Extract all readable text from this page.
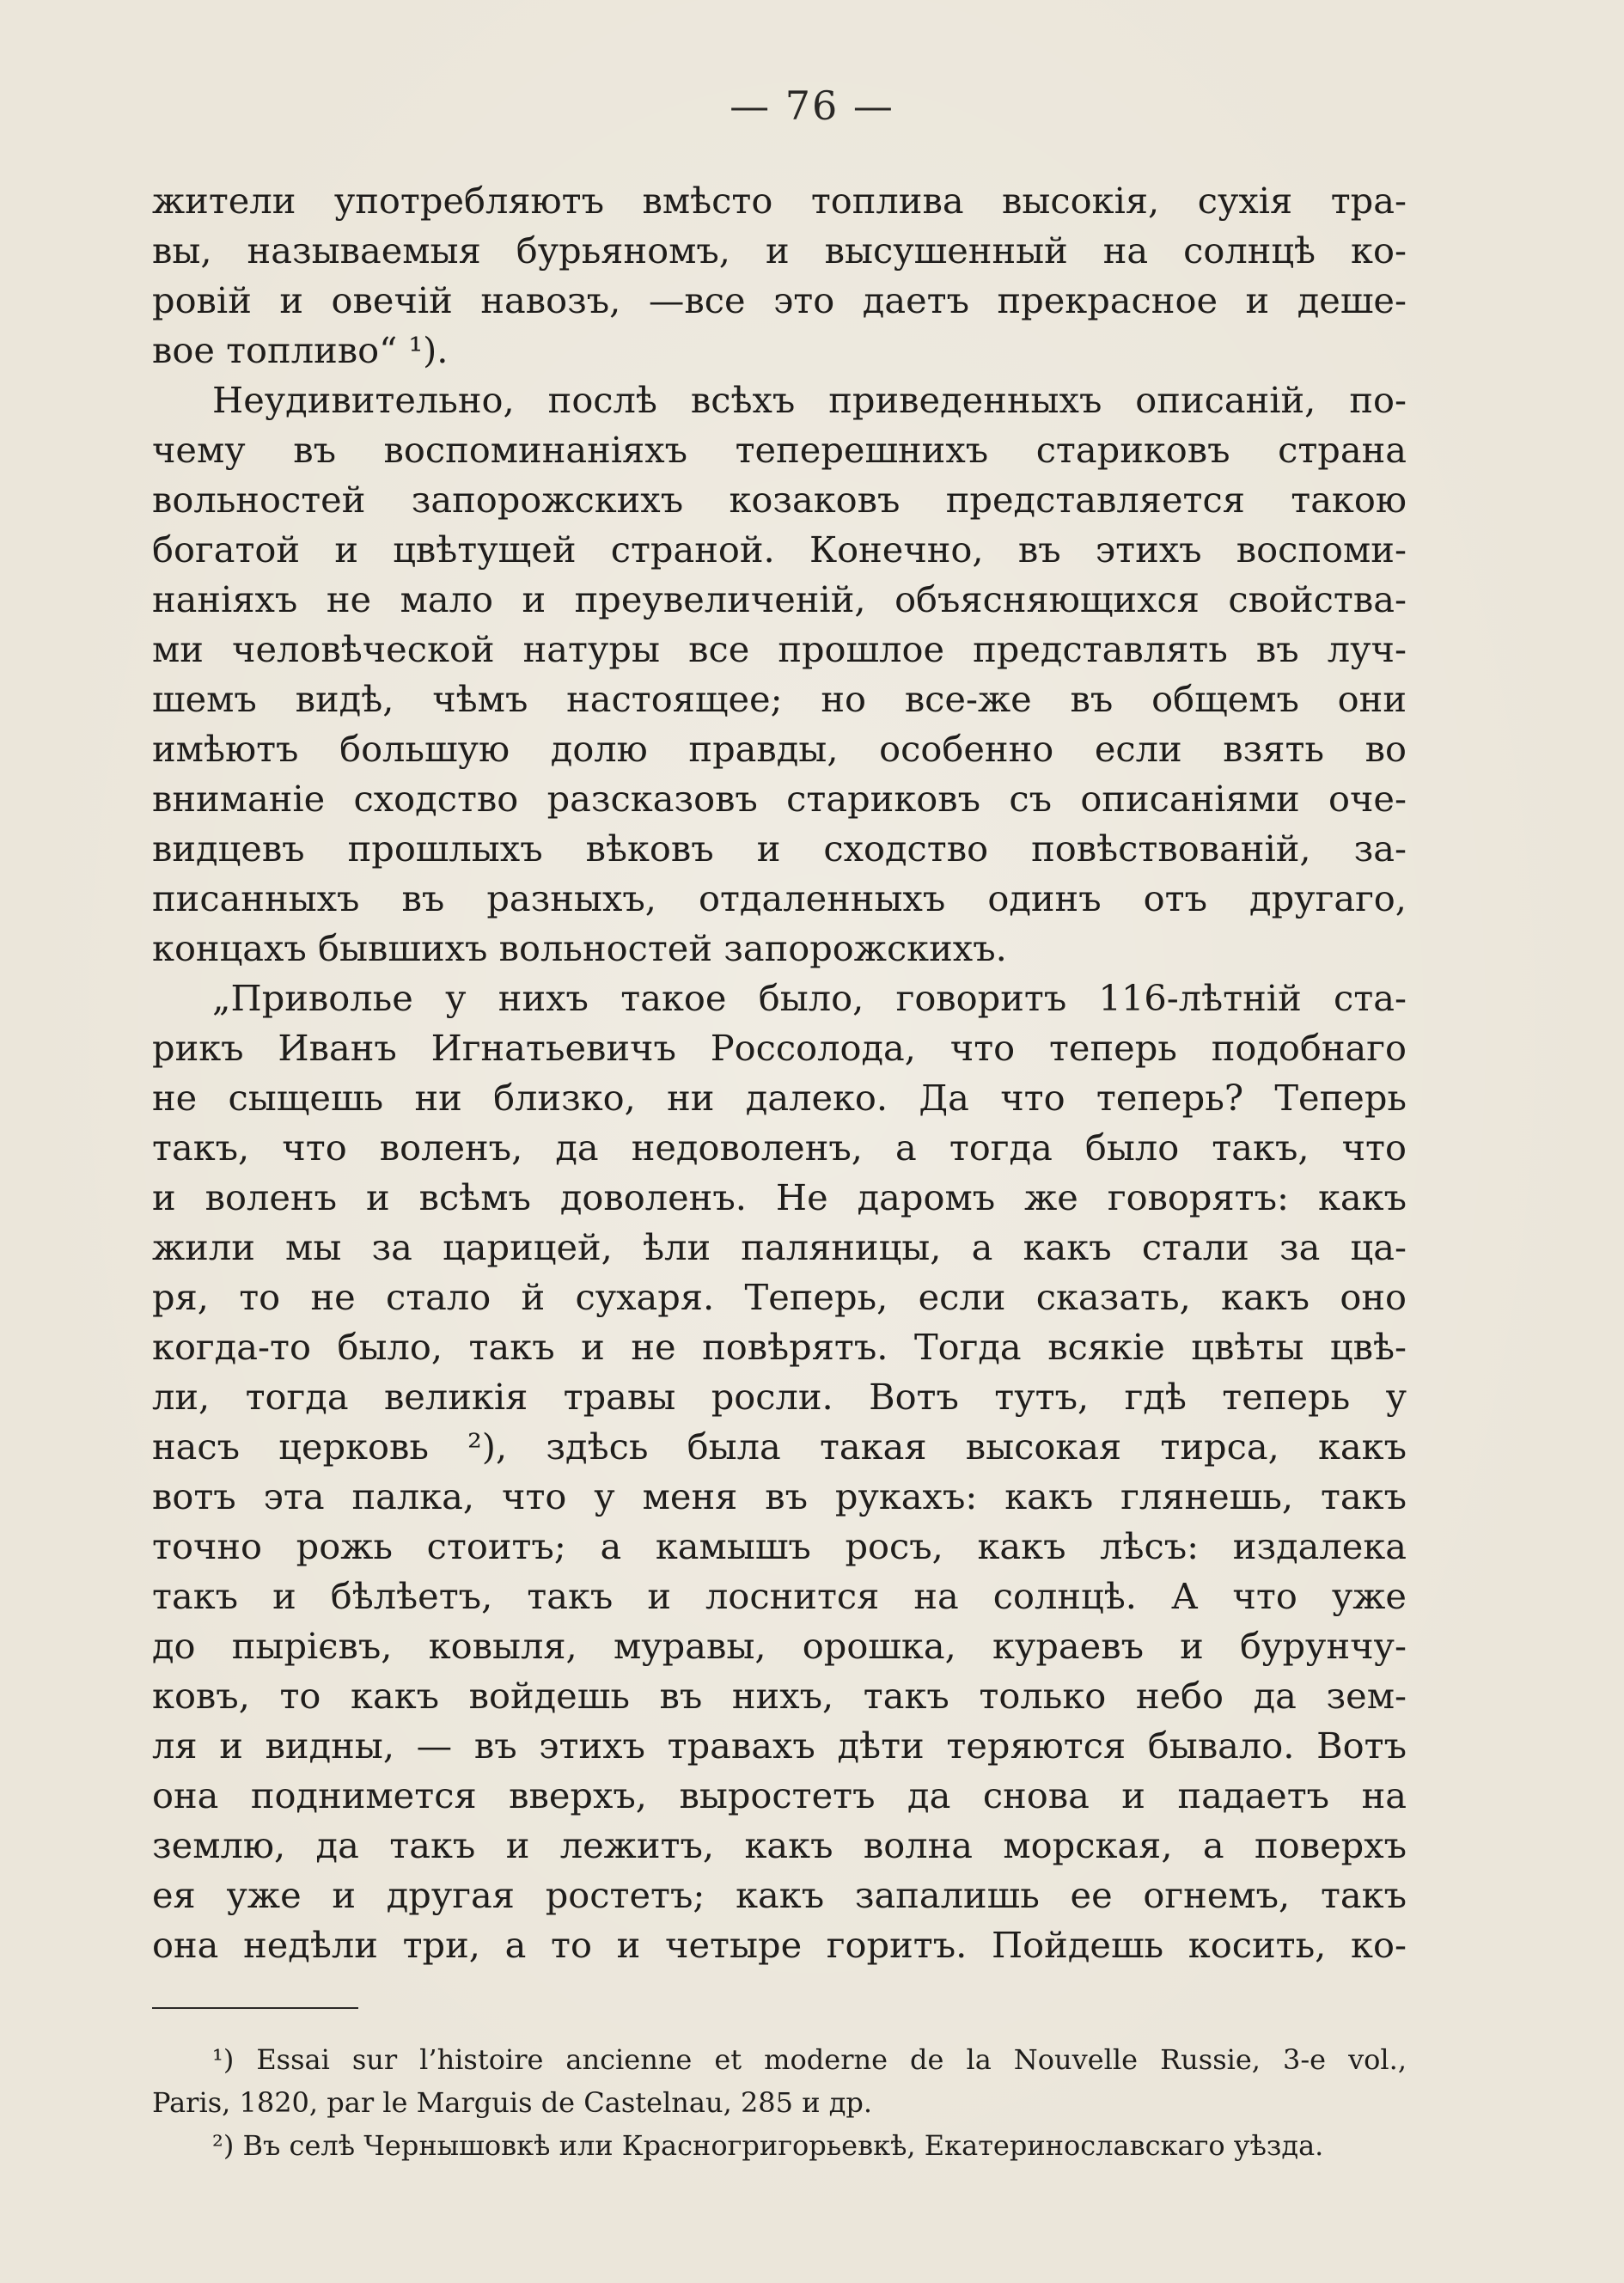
— 76 —
жители употребляютъ вмѣсто топлива высокія, сухія тра-
вы, называемыя бурьяномъ, и высушенный на солнцѣ ко-
ровій и овечій навозъ, —все это даетъ прекрасное и деше-
вое топливо“ ¹).
Неудивительно, послѣ всѣхъ приведенныхъ описаній, по-
чему въ воспоминаніяхъ теперешнихъ стариковъ страна
вольностей запорожскихъ козаковъ представляется такою
богатой и цвѣтущей страной. Конечно, въ этихъ воспоми-
наніяхъ не мало и преувеличеній, объясняющихся свойства-
ми человѣческой натуры все прошлое представлять въ луч-
шемъ видѣ, чѣмъ настоящее; но все-же въ общемъ они
имѣютъ большую долю правды, особенно если взять во
вниманіе сходство разсказовъ стариковъ съ описаніями оче-
видцевъ прошлыхъ вѣковъ и сходство повѣствованій, за-
писанныхъ въ разныхъ, отдаленныхъ одинъ отъ другаго,
концахъ бывшихъ вольностей запорожскихъ.
„Приволье у нихъ такое было, говоритъ 116-лѣтній ста-
рикъ Иванъ Игнатьевичъ Россолода, что теперь подобнаго
не сыщешь ни близко, ни далеко. Да что теперь? Теперь
такъ, что воленъ, да недоволенъ, а тогда было такъ, что
и воленъ и всѣмъ доволенъ. Не даромъ же говорятъ: какъ
жили мы за царицей, ѣли паляницы, а какъ стали за ца-
ря, то не стало й сухаря. Теперь, если сказать, какъ оно
когда-то было, такъ и не повѣрятъ. Тогда всякіе цвѣты цвѣ-
ли, тогда великія травы росли. Вотъ тутъ, гдѣ теперь у
насъ церковь ²), здѣсь была такая высокая тирса, какъ
вотъ эта палка, что у меня въ рукахъ: какъ глянешь, такъ
точно рожь стоитъ; а камышъ росъ, какъ лѣсъ: издалека
такъ и бѣлѣетъ, такъ и лоснится на солнцѣ. А что уже
до пырієвъ, ковыля, муравы, орошка, кураевъ и бурунчу-
ковъ, то какъ войдешь въ нихъ, такъ только небо да зем-
ля и видны, — въ этихъ травахъ дѣти теряются бывало. Вотъ
она поднимется вверхъ, выростетъ да снова и падаетъ на
землю, да такъ и лежитъ, какъ волна морская, а поверхъ
ея уже и другая ростетъ; какъ запалишь ее огнемъ, такъ
она недѣли три, а то и четыре горитъ. Пойдешь косить, ко-
¹) Essai sur l’histoire ancienne et moderne de la Nouvelle Russie, 3-e vol.,
Paris, 1820, par le Marguis de Castelnau, 285 и др.
²) Въ селѣ Чернышовкѣ или Красногригорьевкѣ, Екатеринославскаго уѣзда.
